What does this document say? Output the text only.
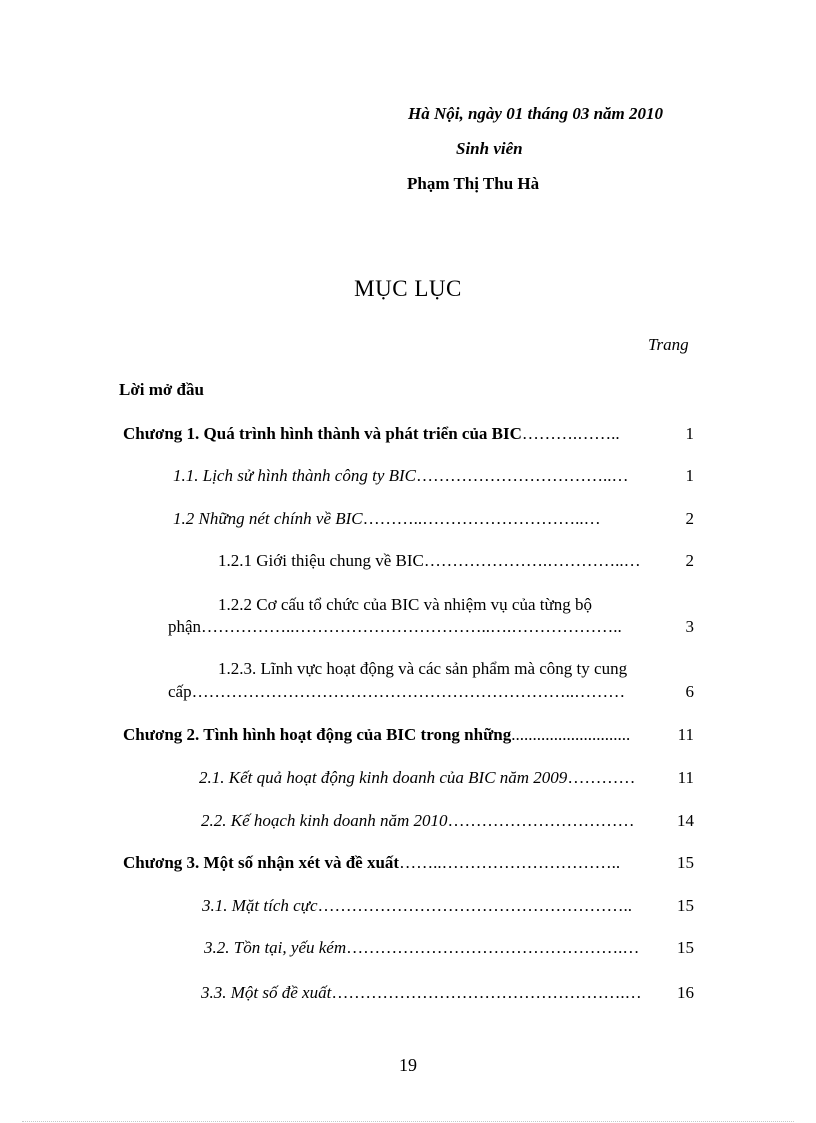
Hà Nội, ngày 01 tháng 03 năm 2010
Sinh viên
Phạm Thị Thu Hà
MỤC LỤC
Trang
Lời mở đầu
Chương 1. Quá trình hình thành và phát triển của BIC……….……..	1
1.1. Lịch sử hình thành công ty BIC……………………………..…	1
1.2 Những nét chính về BIC………..………………………..…	2
1.2.1 Giới thiệu chung về BIC………………….…………..…	2
1.2.2 Cơ cấu tổ chức của BIC và nhiệm vụ của từng bộ
phận……………..……………………………..….………………..	3
1.2.3. Lĩnh vực hoạt động và các sản phẩm mà công ty cung
cấp…………………………………………………………..………	6
Chương 2. Tình hình hoạt động của BIC trong những............................	11
2.1. Kết quả hoạt động kinh doanh của BIC năm 2009………… 11
2.2. Kế hoạch kinh doanh năm 2010……………………………	14
Chương 3. Một số nhận xét và đề xuất……..…………………………..	15
3.1. Mặt tích cực………………………………………………..	15
3.2. Tồn tại, yếu kém………………………………………….… 15
3.3. Một số đề xuất…………………………………………….… 16
19
